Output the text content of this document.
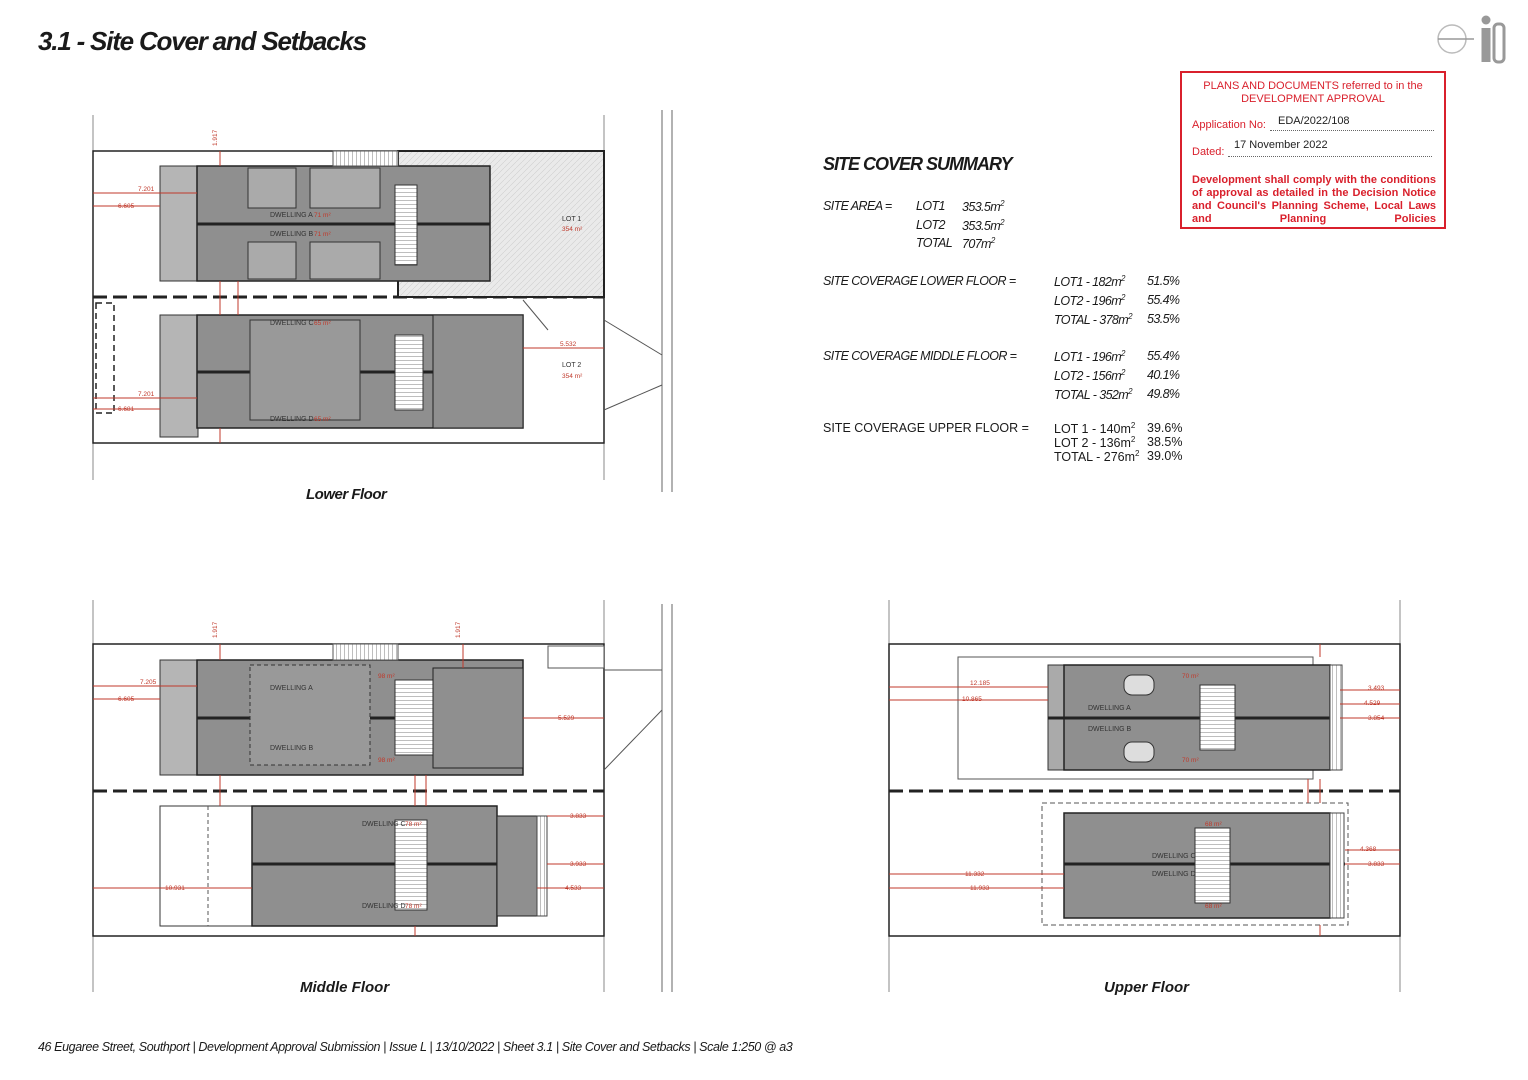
3.1 - Site Cover and Setbacks
DWELLING A
DWELLING B
DWELLING C
DWELLING D
LOT 1
LOT 2
71 m²
71 m²
65 m²
65 m²
354 m²
354 m²
7.201
6.605
5.532
7.201
6.681
1.917
Lower Floor
DWELLING A
DWELLING B
DWELLING C
DWELLING D
98 m²
98 m²
78 m²
78 m²
7.205
6.605
5.529
3.833
3.933
4.533
10.931
1.917	1.917
Middle Floor
DWELLING A
DWELLING B
DWELLING C
DWELLING D
70 m²
70 m²
68 m²
68 m²
12.185
10.865
3.493
4.529
3.854
11.332
11.933
4.368
3.833
Upper Floor
SITE COVER SUMMARY
SITE AREA = LOT1 $353.5m^2$
LOT2 $353.5m^2$
TOTAL $707m^2$
SITE COVERAGE LOWER FLOOR =	$LOT1 - 182m^2$ 51.5%
$LOT2 - 196m^2$ 55.4%
TOTAL - $378m^2$ 53.5%
SITE COVERAGE MIDDLE FLOOR =	$LOT1 - 196m^2$ 55.4%
$LOT2 - 156m^2$ 40.1%
TOTAL - $352m^2$ 49.8%
SITE COVERAGE UPPER FLOOR = LOT $1 - 140m^2$ 39.6%
LOT $2 - 136m^2$ 38.5%
TOTAL - $276m^2$ 39.0%
PLANS AND DOCUMENTS referred to in the
DEVELOPMENT APPROVAL
Application No: EDA/2022/108
Dated:
17 November 2022
Development shall comply with the conditions of approval as detailed in the Decision Notice and Council's Planning Scheme, Local Laws and Planning Policies
46 Eugaree Street, Southport | Development Approval Submission | Issue L | 13/10/2022 | Sheet 3.1 | Site Cover and Setbacks | Scale 1:250 @ a3
